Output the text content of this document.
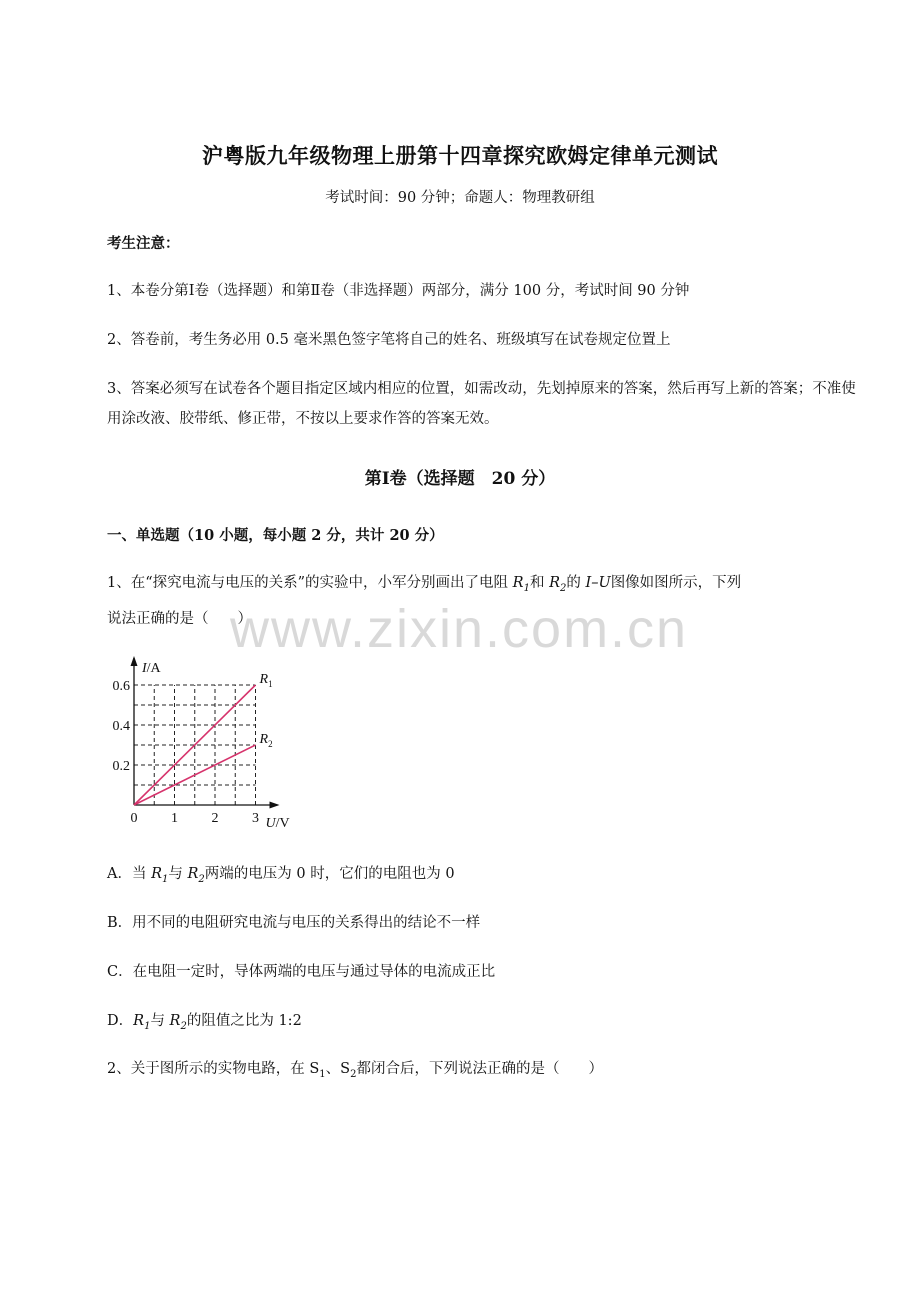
沪粤版九年级物理上册第十四章探究欧姆定律单元测试
考试时间：90 分钟；命题人：物理教研组
考生注意：
1、本卷分第Ⅰ卷（选择题）和第Ⅱ卷（非选择题）两部分，满分 100 分，考试时间 90 分钟
2、答卷前，考生务必用 0.5 毫米黑色签字笔将自己的姓名、班级填写在试卷规定位置上
3、答案必须写在试卷各个题目指定区域内相应的位置，如需改动，先划掉原来的答案，然后再写上新的答案；不准使用涂改液、胶带纸、修正带，不按以上要求作答的答案无效。
第Ⅰ卷（选择题　20 分）
一、单选题（10 小题，每小题 2 分，共计 20 分）
www.zixin.com.cn
1、在“探究电流与电压的关系”的实验中，小军分别画出了电阻 $R_1$和 $R_2$的 I–U图像如图所示，下列
说法正确的是（　　）
$R_1$
$R_2$
0 1 2 3
0.2
0.4
0.6
I/A
U/V
A．当 $R_1$与 $R_2$两端的电压为 0 时，它们的电阻也为 0
B．用不同的电阻研究电流与电压的关系得出的结论不一样
C．在电阻一定时，导体两端的电压与通过导体的电流成正比
D．$R_1$与 $R_2$的阻值之比为 1:2
2、关于图所示的实物电路，在 $S_1$、$S_2$都闭合后，下列说法正确的是（　　）
